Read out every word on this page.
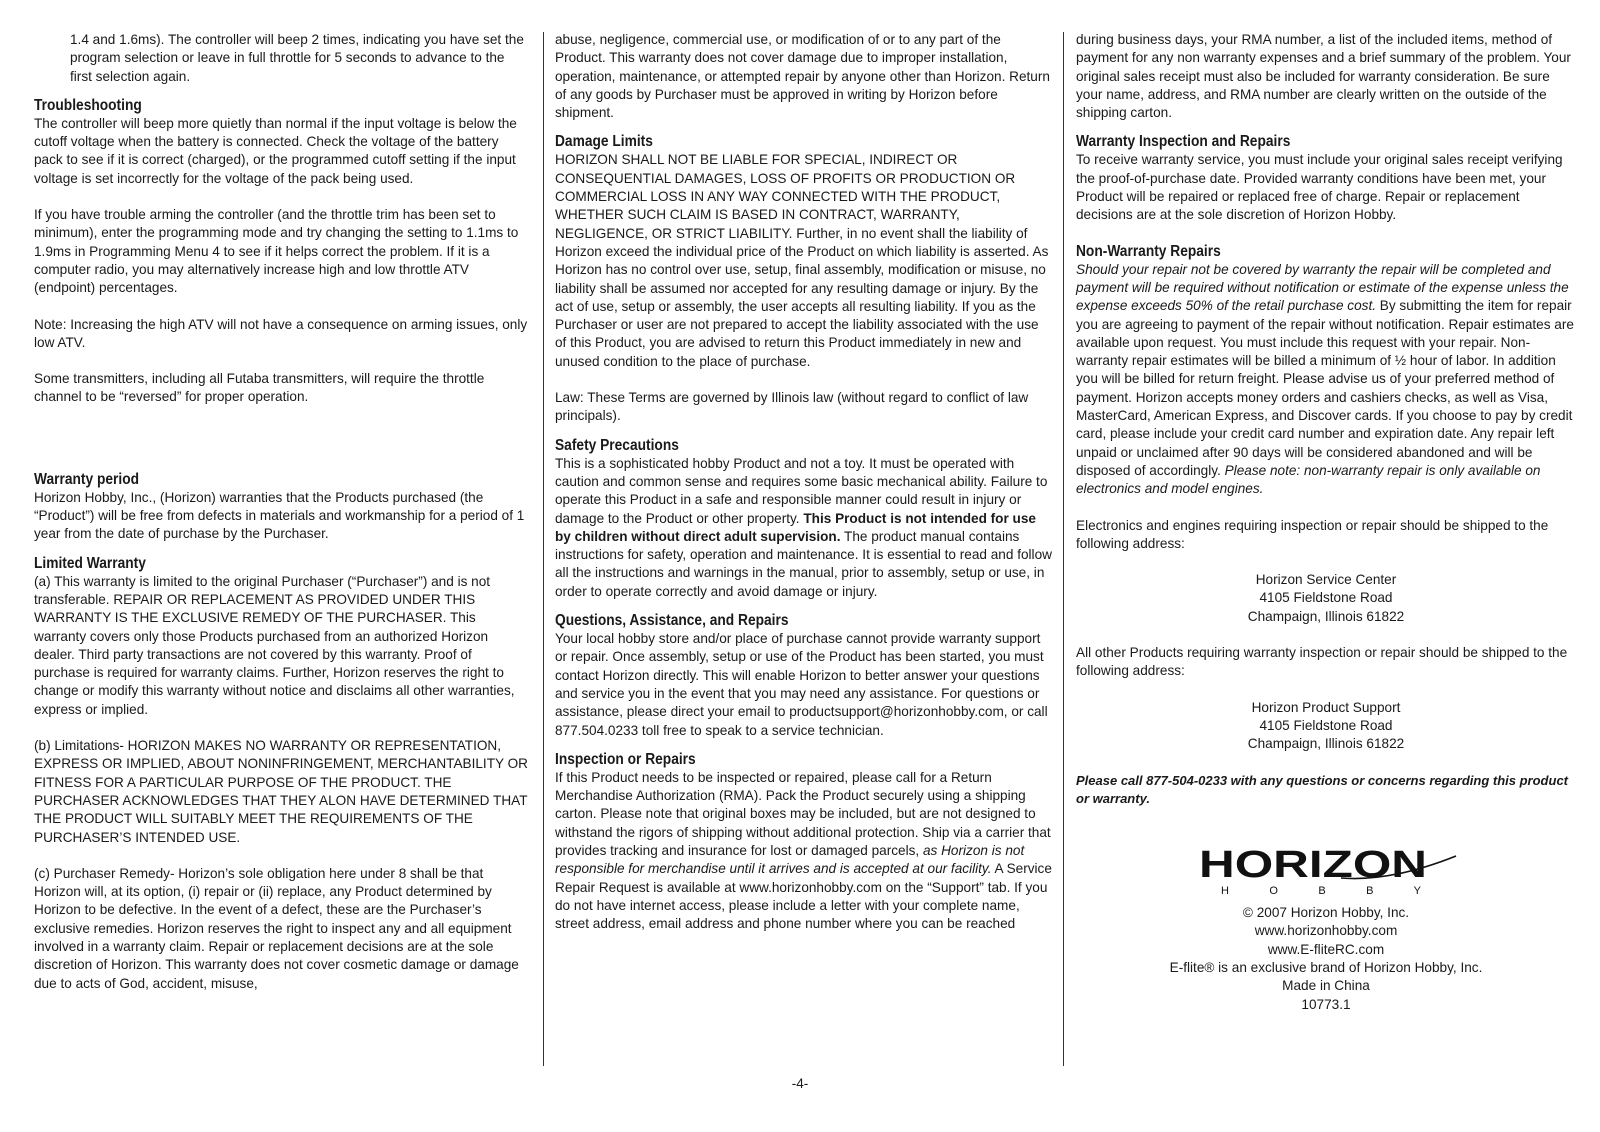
1.4 and 1.6ms). The controller will beep 2 times, indicating you have set the program selection or leave in full throttle for 5 seconds to advance to the first selection again.

Troubleshooting

The controller will beep more quietly than normal if the input voltage is below the cutoff voltage when the battery is connected. Check the voltage of the battery pack to see if it is correct (charged), or the programmed cutoff setting if the input voltage is set incorrectly for the voltage of the pack being used.

If you have trouble arming the controller (and the throttle trim has been set to minimum), enter the programming mode and try changing the setting to 1.1ms to 1.9ms in Programming Menu 4 to see if it helps correct the problem. If it is a computer radio, you may alternatively increase high and low throttle ATV (endpoint) percentages.

Note: Increasing the high ATV will not have a consequence on arming issues, only low ATV.

Some transmitters, including all Futaba transmitters, will require the throttle channel to be “reversed” for proper operation.

Warranty period

Horizon Hobby, Inc., (Horizon) warranties that the Products purchased (the “Product”) will be free from defects in materials and workmanship for a period of 1 year from the date of purchase by the Purchaser.

Limited Warranty

(a) This warranty is limited to the original Purchaser (“Purchaser”) and is not transferable. REPAIR OR REPLACEMENT AS PROVIDED UNDER THIS WARRANTY IS THE EXCLUSIVE REMEDY OF THE PURCHASER. This warranty covers only those Products purchased from an authorized Horizon dealer. Third party transactions are not covered by this warranty. Proof of purchase is required for warranty claims. Further, Horizon reserves the right to change or modify this warranty without notice and disclaims all other warranties, express or implied.

(b) Limitations- HORIZON MAKES NO WARRANTY OR REPRESENTATION, EXPRESS OR IMPLIED, ABOUT NONINFRINGEMENT, MERCHANTABILITY OR FITNESS FOR A PARTICULAR PURPOSE OF THE PRODUCT. THE PURCHASER ACKNOWLEDGES THAT THEY ALON HAVE DETERMINED THAT THE PRODUCT WILL SUITABLY MEET THE REQUIREMENTS OF THE PURCHASER’S INTENDED USE.

(c) Purchaser Remedy- Horizon’s sole obligation here under 8 shall be that Horizon will, at its option, (i) repair or (ii) replace, any Product determined by Horizon to be defective. In the event of a defect, these are the Purchaser’s exclusive remedies. Horizon reserves the right to inspect any and all equipment involved in a warranty claim. Repair or replacement decisions are at the sole discretion of Horizon. This warranty does not cover cosmetic damage or damage due to acts of God, accident, misuse,

abuse, negligence, commercial use, or modification of or to any part of the Product. This warranty does not cover damage due to improper installation, operation, maintenance, or attempted repair by anyone other than Horizon. Return of any goods by Purchaser must be approved in writing by Horizon before shipment.

Damage Limits

HORIZON SHALL NOT BE LIABLE FOR SPECIAL, INDIRECT OR CONSEQUENTIAL DAMAGES, LOSS OF PROFITS OR PRODUCTION OR COMMERCIAL LOSS IN ANY WAY CONNECTED WITH THE PRODUCT, WHETHER SUCH CLAIM IS BASED IN CONTRACT, WARRANTY, NEGLIGENCE, OR STRICT LIABILITY. Further, in no event shall the liability of Horizon exceed the individual price of the Product on which liability is asserted. As Horizon has no control over use, setup, final assembly, modification or misuse, no liability shall be assumed nor accepted for any resulting damage or injury. By the act of use, setup or assembly, the user accepts all resulting liability. If you as the Purchaser or user are not prepared to accept the liability associated with the use of this Product, you are advised to return this Product immediately in new and unused condition to the place of purchase.

Law: These Terms are governed by Illinois law (without regard to conflict of law principals).

Safety Precautions

This is a sophisticated hobby Product and not a toy. It must be operated with caution and common sense and requires some basic mechanical ability. Failure to operate this Product in a safe and responsible manner could result in injury or damage to the Product or other property. This Product is not intended for use by children without direct adult supervision. The product manual contains instructions for safety, operation and maintenance. It is essential to read and follow all the instructions and warnings in the manual, prior to assembly, setup or use, in order to operate correctly and avoid damage or injury.

Questions, Assistance, and Repairs

Your local hobby store and/or place of purchase cannot provide warranty support or repair. Once assembly, setup or use of the Product has been started, you must contact Horizon directly. This will enable Horizon to better answer your questions and service you in the event that you may need any assistance. For questions or assistance, please direct your email to productsupport@horizonhobby.com, or call 877.504.0233 toll free to speak to a service technician.

Inspection or Repairs

If this Product needs to be inspected or repaired, please call for a Return Merchandise Authorization (RMA). Pack the Product securely using a shipping carton. Please note that original boxes may be included, but are not designed to withstand the rigors of shipping without additional protection. Ship via a carrier that provides tracking and insurance for lost or damaged parcels, as Horizon is not responsible for merchandise until it arrives and is accepted at our facility. A Service Repair Request is available at www.horizonhobby.com on the “Support” tab. If you do not have internet access, please include a letter with your complete name, street address, email address and phone number where you can be reached

during business days, your RMA number, a list of the included items, method of payment for any non warranty expenses and a brief summary of the problem. Your original sales receipt must also be included for warranty consideration. Be sure your name, address, and RMA number are clearly written on the outside of the shipping carton.

Warranty Inspection and Repairs

To receive warranty service, you must include your original sales receipt verifying the proof-of-purchase date. Provided warranty conditions have been met, your Product will be repaired or replaced free of charge. Repair or replacement decisions are at the sole discretion of Horizon Hobby.

Non-Warranty Repairs

Should your repair not be covered by warranty the repair will be completed and payment will be required without notification or estimate of the expense unless the expense exceeds 50% of the retail purchase cost. By submitting the item for repair you are agreeing to payment of the repair without notification. Repair estimates are available upon request. You must include this request with your repair. Non-warranty repair estimates will be billed a minimum of ½ hour of labor. In addition you will be billed for return freight. Please advise us of your preferred method of payment. Horizon accepts money orders and cashiers checks, as well as Visa, MasterCard, American Express, and Discover cards. If you choose to pay by credit card, please include your credit card number and expiration date. Any repair left unpaid or unclaimed after 90 days will be considered abandoned and will be disposed of accordingly. Please note: non-warranty repair is only available on electronics and model engines.

Electronics and engines requiring inspection or repair should be shipped to the following address:

Horizon Service Center
4105 Fieldstone Road
Champaign, Illinois 61822

All other Products requiring warranty inspection or repair should be shipped to the following address:

Horizon Product Support
4105 Fieldstone Road
Champaign, Illinois 61822

Please call 877-504-0233 with any questions or concerns regarding this product or warranty.

HORIZON
H O B B Y
© 2007 Horizon Hobby, Inc.
www.horizonhobby.com
www.E-fliteRC.com
E-flite® is an exclusive brand of Horizon Hobby, Inc.
Made in China
10773.1
-4-
